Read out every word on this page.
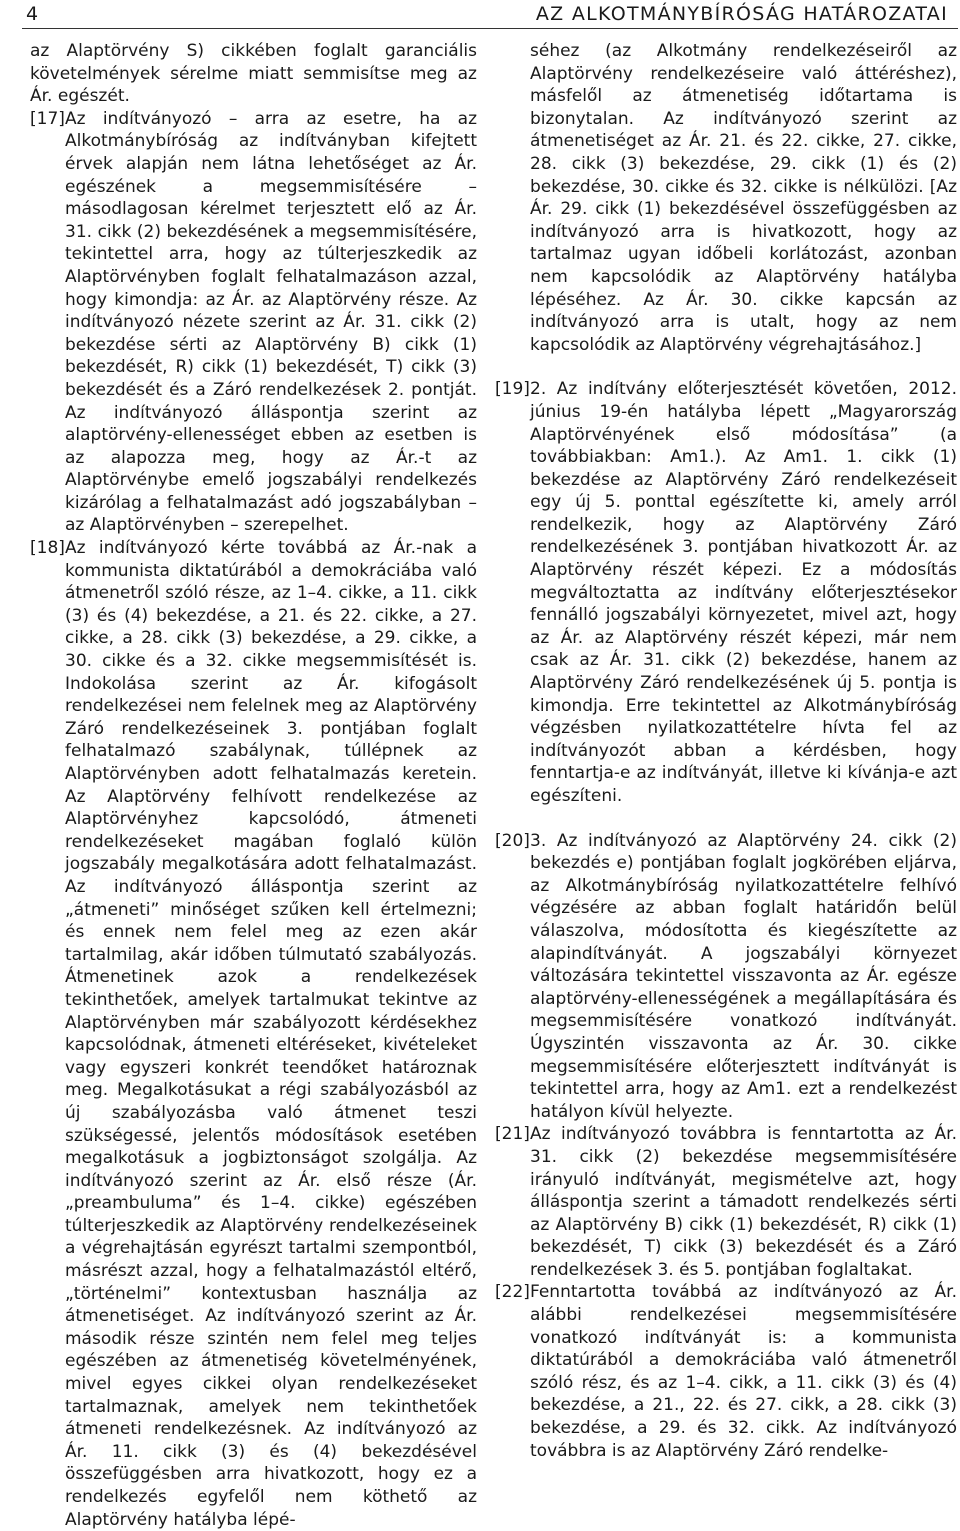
4	AZ ALKOTMÁNYBÍRÓSÁG HATÁROZATAI
az Alaptörvény S) cikkében foglalt garanciális követelmények sérelme miatt semmisítse meg az Ár. egészét.
[17] Az indítványozó – arra az esetre, ha az Alkotmánybíróság az indítványban kifejtett érvek alapján nem látna lehetőséget az Ár. egészének a megsemmisítésére – másodlagosan kérelmet terjesztett elő az Ár. 31. cikk (2) bekezdésének a megsemmisítésére, tekintettel arra, hogy az túlterjeszkedik az Alaptörvényben foglalt felhatalmazáson azzal, hogy kimondja: az Ár. az Alaptörvény része. Az indítványozó nézete szerint az Ár. 31. cikk (2) bekezdése sérti az Alaptörvény B) cikk (1) bekezdését, R) cikk (1) bekezdését, T) cikk (3) bekezdését és a Záró rendelkezések 2. pontját. Az indítványozó álláspontja szerint az alaptörvény-ellenességet ebben az esetben is az alapozza meg, hogy az Ár.-t az Alaptörvénybe emelő jogszabályi rendelkezés kizárólag a felhatalmazást adó jogszabályban – az Alaptörvényben – szerepelhet.
[18] Az indítványozó kérte továbbá az Ár.-nak a kommunista diktatúrából a demokráciába való átmenetről szóló része, az 1–4. cikke, a 11. cikk (3) és (4) bekezdése, a 21. és 22. cikke, a 27. cikke, a 28. cikk (3) bekezdése, a 29. cikke, a 30. cikke és a 32. cikke megsemmisítését is. Indokolása szerint az Ár. kifogásolt rendelkezései nem felelnek meg az Alaptörvény Záró rendelkezéseinek 3. pontjában foglalt felhatalmazó szabálynak, túllépnek az Alaptörvényben adott felhatalmazás keretein. Az Alaptörvény felhívott rendelkezése az Alaptörvényhez kapcsolódó, átmeneti rendelkezéseket magában foglaló külön jogszabály megalkotására adott felhatalmazást. Az indítványozó álláspontja szerint az „átmeneti” minőséget szűken kell értelmezni; és ennek nem felel meg az ezen akár tartalmilag, akár időben túlmutató szabályozás. Átmenetinek azok a rendelkezések tekinthetőek, amelyek tartalmukat tekintve az Alaptörvényben már szabályozott kérdésekhez kapcsolódnak, átmeneti eltéréseket, kivételeket vagy egyszeri konkrét teendőket határoznak meg. Megalkotásukat a régi szabályozásból az új szabályozásba való átmenet teszi szükségessé, jelentős módosítások esetében megalkotásuk a jogbiztonságot szolgálja. Az indítványozó szerint az Ár. első része (Ár. „preambuluma” és 1–4. cikke) egészében túlterjeszkedik az Alaptörvény rendelkezéseinek a végrehajtásán egyrészt tartalmi szempontból, másrészt azzal, hogy a felhatalmazástól eltérő, „történelmi” kontextusban használja az átmenetiséget. Az indítványozó szerint az Ár. második része szintén nem felel meg teljes egészében az átmenetiség követelményének, mivel egyes cikkei olyan rendelkezéseket tartalmaznak, amelyek nem tekinthetőek átmeneti rendelkezésnek. Az indítványozó az Ár. 11. cikk (3) és (4) bekezdésével összefüggésben arra hivatkozott, hogy ez a rendelkezés egyfelől nem köthető az Alaptörvény hatályba lépé-
séhez (az Alkotmány rendelkezéseiről az Alaptörvény rendelkezéseire való áttéréshez), másfelől az átmenetiség időtartama is bizonytalan. Az indítványozó szerint az átmenetiséget az Ár. 21. és 22. cikke, 27. cikke, 28. cikk (3) bekezdése, 29. cikk (1) és (2) bekezdése, 30. cikke és 32. cikke is nélkülözi. [Az Ár. 29. cikk (1) bekezdésével összefüggésben az indítványozó arra is hivatkozott, hogy az tartalmaz ugyan időbeli korlátozást, azonban nem kapcsolódik az Alaptörvény hatályba lépéséhez. Az Ár. 30. cikke kapcsán az indítványozó arra is utalt, hogy az nem kapcsolódik az Alaptörvény végrehajtásához.]
[19] 2. Az indítvány előterjesztését követően, 2012. június 19-én hatályba lépett „Magyarország Alaptörvényének első módosítása” (a továbbiakban: Am1.). Az Am1. 1. cikk (1) bekezdése az Alaptörvény Záró rendelkezéseit egy új 5. ponttal egészítette ki, amely arról rendelkezik, hogy az Alaptörvény Záró rendelkezésének 3. pontjában hivatkozott Ár. az Alaptörvény részét képezi. Ez a módosítás megváltoztatta az indítvány előterjesztésekor fennálló jogszabályi környezetet, mivel azt, hogy az Ár. az Alaptörvény részét képezi, már nem csak az Ár. 31. cikk (2) bekezdése, hanem az Alaptörvény Záró rendelkezésének új 5. pontja is kimondja. Erre tekintettel az Alkotmánybíróság végzésben nyilatkozattételre hívta fel az indítványozót abban a kérdésben, hogy fenntartja-e az indítványát, illetve ki kívánja-e azt egészíteni.
[20] 3. Az indítványozó az Alaptörvény 24. cikk (2) bekezdés e) pontjában foglalt jogkörében eljárva, az Alkotmánybíróság nyilatkozattételre felhívó végzésére az abban foglalt határidőn belül válaszolva, módosította és kiegészítette az alapindítványát. A jogszabályi környezet változására tekintettel visszavonta az Ár. egésze alaptörvény-ellenességének a megállapítására és megsemmisítésére vonatkozó indítványát. Úgyszintén visszavonta az Ár. 30. cikke megsemmisítésére előterjesztett indítványát is tekintettel arra, hogy az Am1. ezt a rendelkezést hatályon kívül helyezte.
[21] Az indítványozó továbbra is fenntartotta az Ár. 31. cikk (2) bekezdése megsemmisítésére irányuló indítványát, megismételve azt, hogy álláspontja szerint a támadott rendelkezés sérti az Alaptörvény B) cikk (1) bekezdését, R) cikk (1) bekezdését, T) cikk (3) bekezdését és a Záró rendelkezések 3. és 5. pontjában foglaltakat.
[22] Fenntartotta továbbá az indítványozó az Ár. alábbi rendelkezései megsemmisítésére vonatkozó indítványát is: a kommunista diktatúrából a demokráciába való átmenetről szóló rész, és az 1–4. cikk, a 11. cikk (3) és (4) bekezdése, a 21., 22. és 27. cikk, a 28. cikk (3) bekezdése, a 29. és 32. cikk. Az indítványozó továbbra is az Alaptörvény Záró rendelke-
